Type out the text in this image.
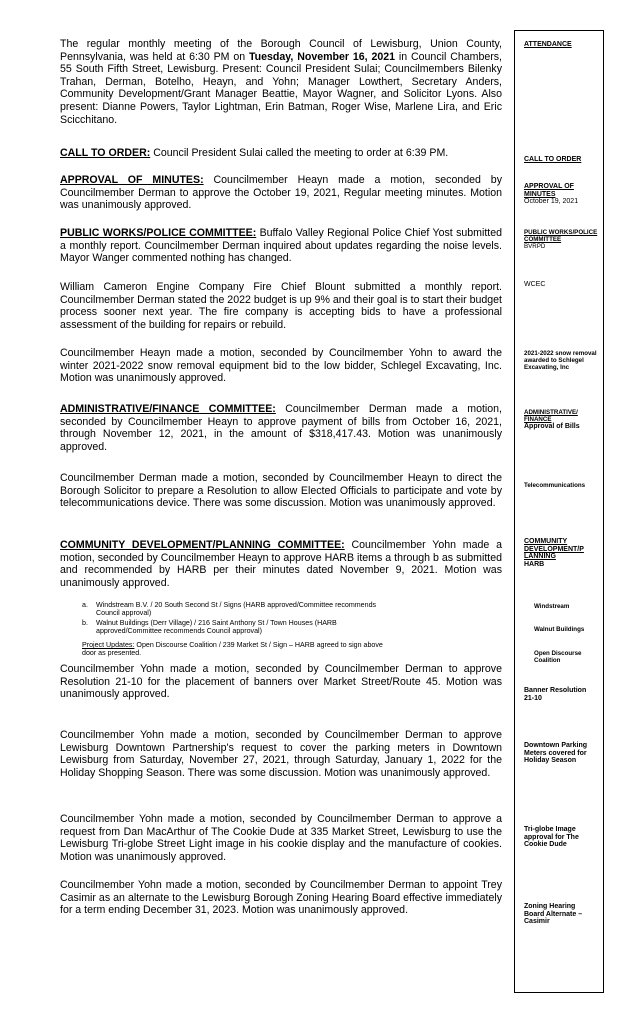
The regular monthly meeting of the Borough Council of Lewisburg, Union County, Pennsylvania, was held at 6:30 PM on Tuesday, November 16, 2021 in Council Chambers, 55 South Fifth Street, Lewisburg. Present: Council President Sulai; Councilmembers Bilenky Trahan, Derman, Botelho, Heayn, and Yohn; Manager Lowthert, Secretary Anders, Community Development/Grant Manager Beattie, Mayor Wagner, and Solicitor Lyons. Also present: Dianne Powers, Taylor Lightman, Erin Batman, Roger Wise, Marlene Lira, and Eric Scicchitano.

CALL TO ORDER: Council President Sulai called the meeting to order at 6:39 PM.

APPROVAL OF MINUTES: Councilmember Heayn made a motion, seconded by Councilmember Derman to approve the October 19, 2021, Regular meeting minutes. Motion was unanimously approved.

PUBLIC WORKS/POLICE COMMITTEE: Buffalo Valley Regional Police Chief Yost submitted a monthly report. Councilmember Derman inquired about updates regarding the noise levels. Mayor Wanger commented nothing has changed.

William Cameron Engine Company Fire Chief Blount submitted a monthly report. Councilmember Derman stated the 2022 budget is up 9% and their goal is to start their budget process sooner next year. The fire company is accepting bids to have a professional assessment of the building for repairs or rebuild.

Councilmember Heayn made a motion, seconded by Councilmember Yohn to award the winter 2021-2022 snow removal equipment bid to the low bidder, Schlegel Excavating, Inc. Motion was unanimously approved.

ADMINISTRATIVE/FINANCE COMMITTEE: Councilmember Derman made a motion, seconded by Councilmember Heayn to approve payment of bills from October 16, 2021, through November 12, 2021, in the amount of $318,417.43. Motion was unanimously approved.

Councilmember Derman made a motion, seconded by Councilmember Heayn to direct the Borough Solicitor to prepare a Resolution to allow Elected Officials to participate and vote by telecommunications device. There was some discussion. Motion was unanimously approved.

COMMUNITY DEVELOPMENT/PLANNING COMMITTEE: Councilmember Yohn made a motion, seconded by Councilmember Heayn to approve HARB items a through b as submitted and recommended by HARB per their minutes dated November 9, 2021. Motion was unanimously approved.

a. Windstream B.V. / 20 South Second St / Signs (HARB approved/Committee recommends
Council approval)

b. Walnut Buildings (Derr Village) / 216 Saint Anthony St / Town Houses (HARB
approved/Committee recommends Council approval)

Project Updates: Open Discourse Coalition / 239 Market St / Sign – HARB agreed to sign above
door as presented.

Councilmember Yohn made a motion, seconded by Councilmember Derman to approve Resolution 21-10 for the placement of banners over Market Street/Route 45. Motion was unanimously approved.

Councilmember Yohn made a motion, seconded by Councilmember Derman to approve Lewisburg Downtown Partnership's request to cover the parking meters in Downtown Lewisburg from Saturday, November 27, 2021, through Saturday, January 1, 2022 for the Holiday Shopping Season. There was some discussion. Motion was unanimously approved.

Councilmember Yohn made a motion, seconded by Councilmember Derman to approve a request from Dan MacArthur of The Cookie Dude at 335 Market Street, Lewisburg to use the Lewisburg Tri-globe Street Light image in his cookie display and the manufacture of cookies. Motion was unanimously approved.

Councilmember Yohn made a motion, seconded by Councilmember Derman to appoint Trey Casimir as an alternate to the Lewisburg Borough Zoning Hearing Board effective immediately for a term ending December 31, 2023. Motion was unanimously approved.

ATTENDANCE
CALL TO ORDER
APPROVAL OF MINUTES
October 19, 2021
PUBLIC WORKS/POLICE COMMITTEE
BVRPD
WCEC
2021-2022 snow removal awarded to Schlegel Excavating, Inc
ADMINISTRATIVE/ FINANCE
Approval of Bills
Telecommunications
COMMUNITY DEVELOPMENT/P LANNING
HARB
Windstream
Walnut Buildings
Open Discourse Coalition
Banner Resolution 21-10
Downtown Parking Meters covered for Holiday Season
Tri-globe Image approval for The Cookie Dude
Zoning Hearing Board Alternate – Casimir
